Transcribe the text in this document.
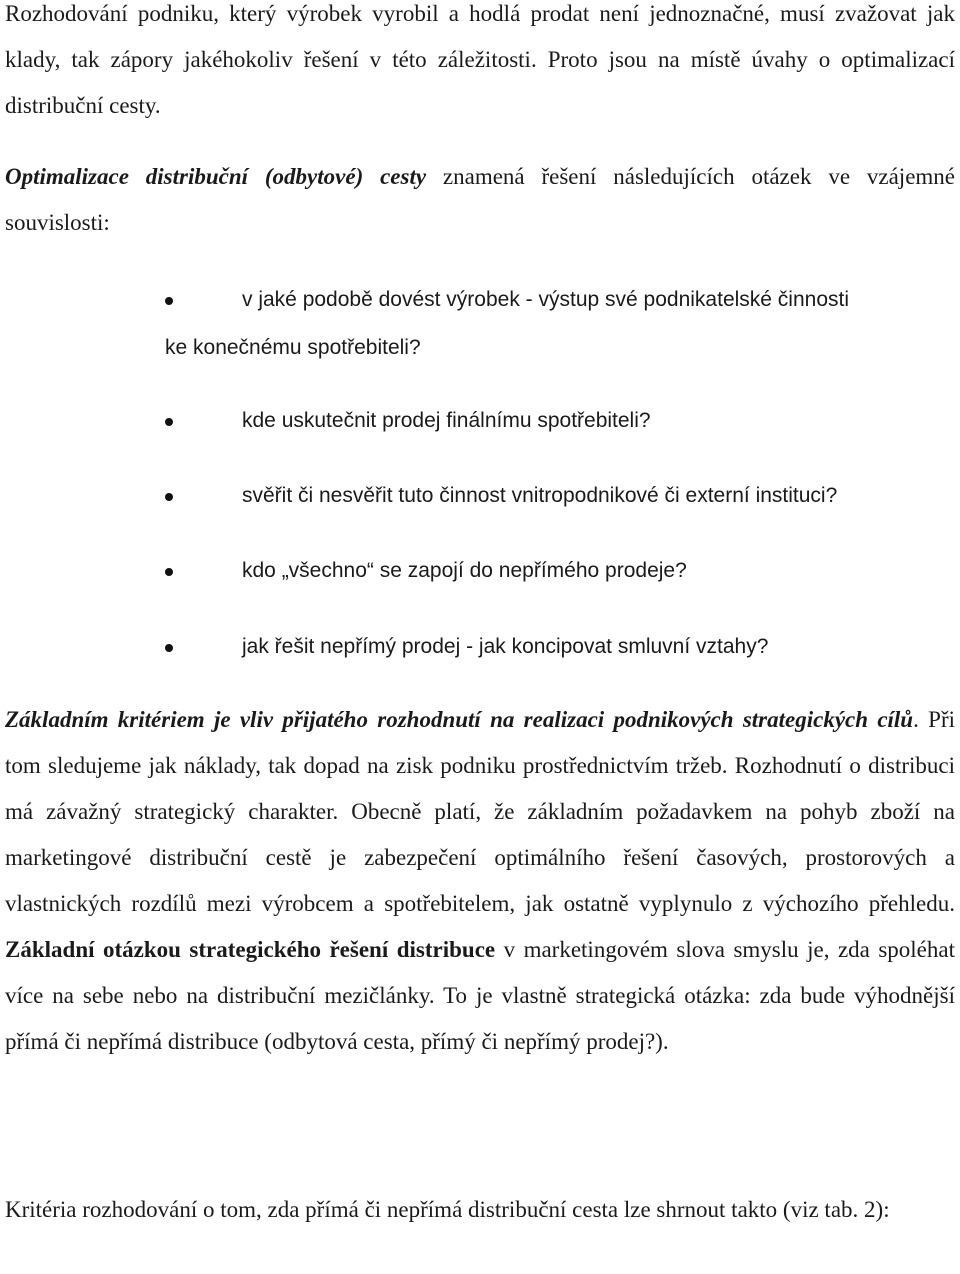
Rozhodování podniku, který výrobek vyrobil a hodlá prodat není jednoznačné, musí zvažovat jak klady, tak zápory jakéhokoliv řešení v této záležitosti. Proto jsou na místě úvahy o optimalizací distribuční cesty.

Optimalizace distribuční (odbytové) cesty znamená řešení následujících otázek ve vzájemné souvislosti:

v jaké podobě dovést výrobek - výstup své podnikatelské činnosti
ke konečnému spotřebiteli?
kde uskutečnit prodej finálnímu spotřebiteli?
svěřit či nesvěřit tuto činnost vnitropodnikové či externí instituci?
kdo „všechno“ se zapojí do nepřímého prodeje?
jak řešit nepřímý prodej - jak koncipovat smluvní vztahy?

Základním kritériem je vliv přijatého rozhodnutí na realizaci podnikových strategických cílů. Při tom sledujeme jak náklady, tak dopad na zisk podniku prostřednictvím tržeb. Rozhodnutí o distribuci má závažný strategický charakter. Obecně platí, že základním požadavkem na pohyb zboží na marketingové distribuční cestě je zabezpečení optimálního řešení časových, prostorových a vlastnických rozdílů mezi výrobcem a spotřebitelem, jak ostatně vyplynulo z výchozího přehledu. Základní otázkou strategického řešení distribuce v marketingovém slova smyslu je, zda spoléhat více na sebe nebo na distribuční mezičlánky. To je vlastně strategická otázka: zda bude výhodnější přímá či nepřímá distribuce (odbytová cesta, přímý či nepřímý prodej?).

Kritéria rozhodování o tom, zda přímá či nepřímá distribuční cesta lze shrnout takto (viz tab. 2):
